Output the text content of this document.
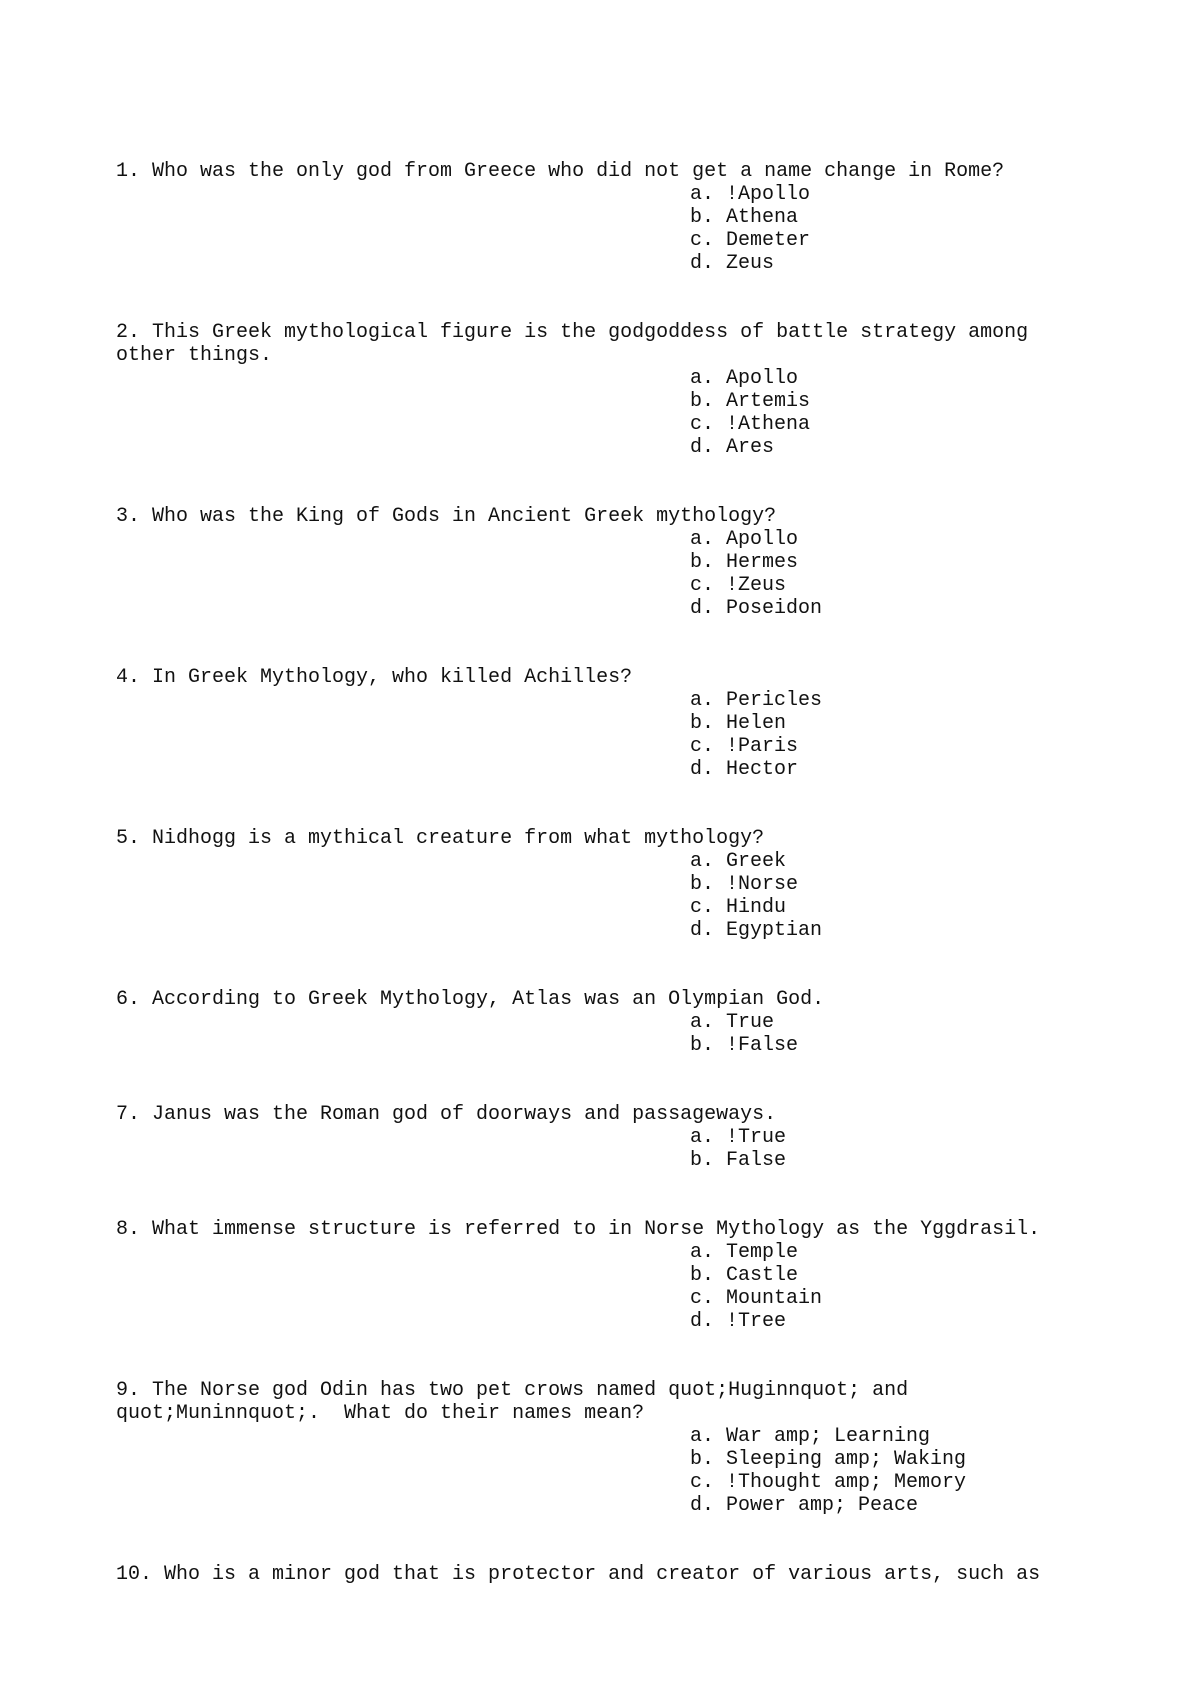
1. Who was the only god from Greece who did not get a name change in Rome?

a. !Apollo
b. Athena
c. Demeter
d. Zeus

2. This Greek mythological figure is the godgoddess of battle strategy among
other things.

a. Apollo
b. Artemis
c. !Athena
d. Ares

3. Who was the King of Gods in Ancient Greek mythology?

a. Apollo
b. Hermes
c. !Zeus
d. Poseidon

4. In Greek Mythology, who killed Achilles?

a. Pericles
b. Helen
c. !Paris
d. Hector

5. Nidhogg is a mythical creature from what mythology?

a. Greek
b. !Norse
c. Hindu
d. Egyptian

6. According to Greek Mythology, Atlas was an Olympian God.

a. True
b. !False

7. Janus was the Roman god of doorways and passageways.

a. !True
b. False

8. What immense structure is referred to in Norse Mythology as the Yggdrasil.

a. Temple
b. Castle
c. Mountain
d. !Tree

9. The Norse god Odin has two pet crows named quot;Huginnquot; and
quot;Muninnquot;.  What do their names mean?

a. War amp; Learning
b. Sleeping amp; Waking
c. !Thought amp; Memory
d. Power amp; Peace

10. Who is a minor god that is protector and creator of various arts, such as
